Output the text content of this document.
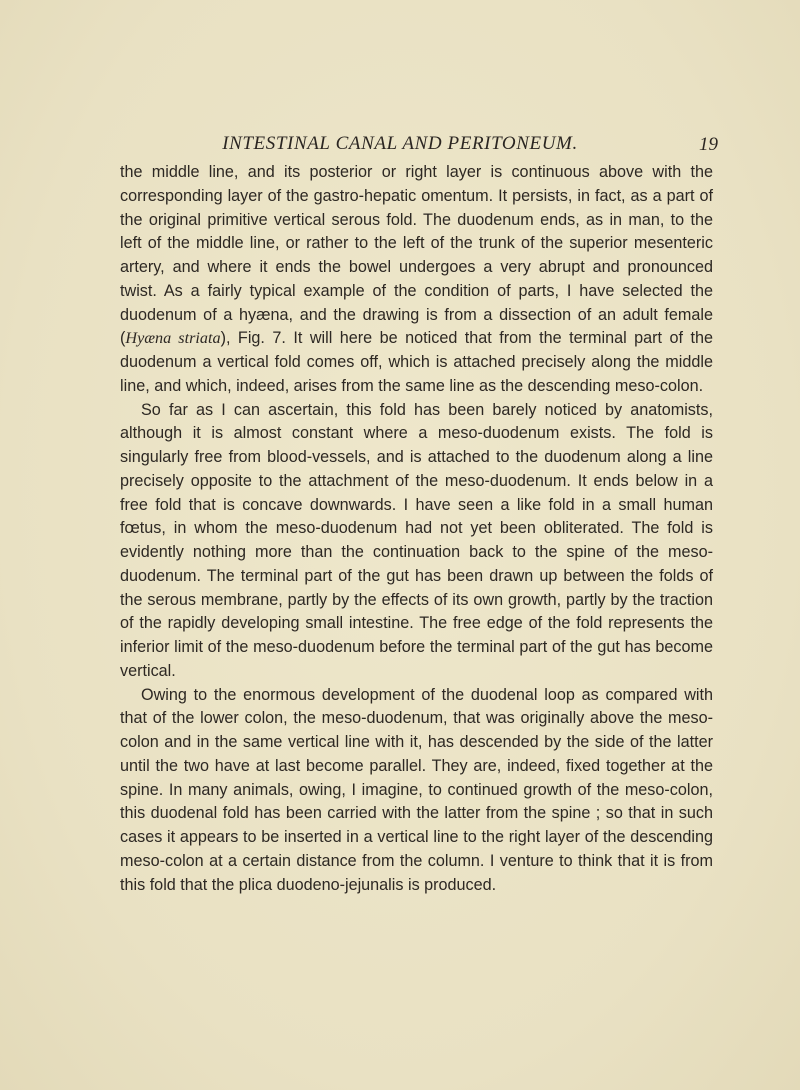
INTESTINAL CANAL AND PERITONEUM.	19

the middle line, and its posterior or right layer is continuous above with the corresponding layer of the gastro-hepatic omentum. It persists, in fact, as a part of the original primitive vertical serous fold. The duodenum ends, as in man, to the left of the middle line, or rather to the left of the trunk of the superior mesenteric artery, and where it ends the bowel undergoes a very abrupt and pronounced twist. As a fairly typical example of the condition of parts, I have selected the duodenum of a hyæna, and the drawing is from a dissection of an adult female (Hyæna striata), Fig. 7. It will here be noticed that from the terminal part of the duodenum a vertical fold comes off, which is attached precisely along the middle line, and which, indeed, arises from the same line as the descending meso-colon.

So far as I can ascertain, this fold has been barely noticed by anatomists, although it is almost constant where a meso-duodenum exists. The fold is singularly free from blood-vessels, and is attached to the duodenum along a line precisely opposite to the attachment of the meso-duodenum. It ends below in a free fold that is concave downwards. I have seen a like fold in a small human fœtus, in whom the meso-duodenum had not yet been obliterated. The fold is evidently nothing more than the continuation back to the spine of the meso-duodenum. The terminal part of the gut has been drawn up between the folds of the serous membrane, partly by the effects of its own growth, partly by the traction of the rapidly developing small intestine. The free edge of the fold represents the inferior limit of the meso-duodenum before the terminal part of the gut has become vertical.

Owing to the enormous development of the duodenal loop as compared with that of the lower colon, the meso-duodenum, that was originally above the meso-colon and in the same vertical line with it, has descended by the side of the latter until the two have at last become parallel. They are, indeed, fixed together at the spine. In many animals, owing, I imagine, to continued growth of the meso-colon, this duodenal fold has been carried with the latter from the spine ; so that in such cases it appears to be inserted in a vertical line to the right layer of the descending meso-colon at a certain distance from the column. I venture to think that it is from this fold that the plica duodeno-jejunalis is produced.
